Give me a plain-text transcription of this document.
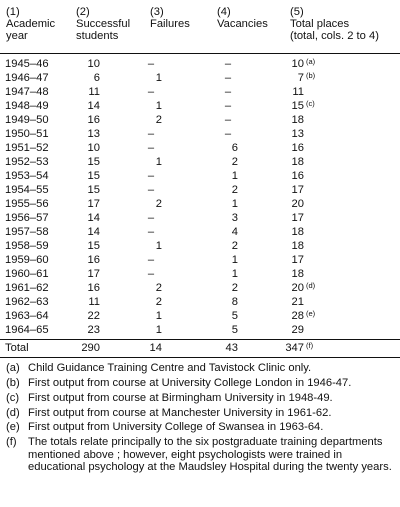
(1)
Academic
year
(2)
Successful
students
(3)
Failures
(4)
Vacancies
(5)
Total places
(total, cols. 2 to 4)
1945–46	10	–	–	10 (a)
1946–47	6	1	–	7 (b)
1947–48	11	–	–	11
1948–49	14	1	–	15 (c)
1949–50	16	2	–	18
1950–51	13	–	–	13
1951–52	10	–	6	16
1952–53	15	1	2	18
1953–54	15	–	1	16
1954–55	15	–	2	17
1955–56	17	2	1	20
1956–57	14	–	3	17
1957–58	14	–	4	18
1958–59	15	1	2	18
1959–60	16	–	1	17
1960–61	17	–	1	18
1961–62	16	2	2	20 (d)
1962–63	11	2	8	21
1963–64	22	1	5	28 (e)
1964–65	23	1	5	29
Total	290	14	43	347 (f)
(a) Child Guidance Training Centre and Tavistock Clinic only.
(b) First output from course at University College London in 1946-47.
(c) First output from course at Birmingham University in 1948-49.
(d) First output from course at Manchester University in 1961-62.
(e) First output from University College of Swansea in 1963-64.
(f) The totals relate principally to the six postgraduate training departments mentioned above ; however, eight psychologists were trained in educational psychology at the Maudsley Hospital during the twenty years.
